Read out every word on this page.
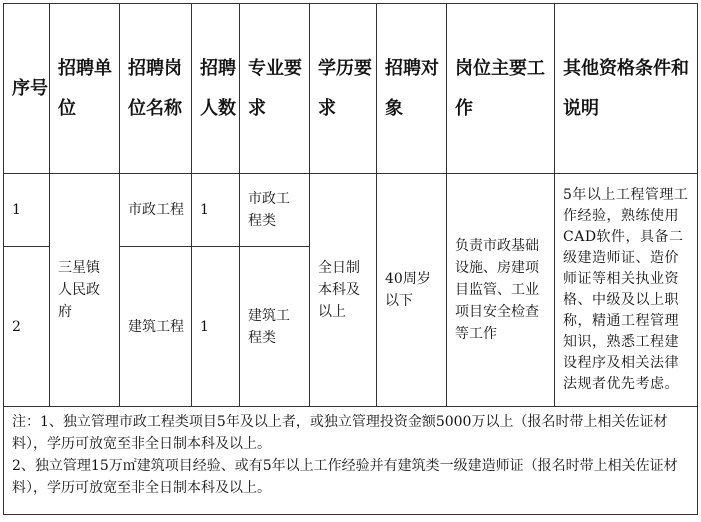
序号	招聘单位	招聘岗位名称	招聘人数	专业要求	学历要求	招聘对象	岗位主要工作	其他资格条件和说明
1	三星镇人民政府	市政工程	1	市政工程类	全日制本科及以上	40周岁以下	负责市政基础设施、房建项目监管、工业项目安全检查等工作	5年以上工程管理工作经验，熟练使用CAD软件，具备二级建造师证、造价师证等相关执业资格、中级及以上职称，精通工程管理知识，熟悉工程建设程序及相关法律法规者优先考虑。
2		建筑工程	1	建筑工程类				

注：1、独立管理市政工程类项目5年及以上者，或独立管理投资金额5000万以上（报名时带上相关佐证材料），学历可放宽至非全日制本科及以上。
2、独立管理15万㎡建筑项目经验、或有5年以上工作经验并有建筑类一级建造师证（报名时带上相关佐证材料），学历可放宽至非全日制本科及以上。								
